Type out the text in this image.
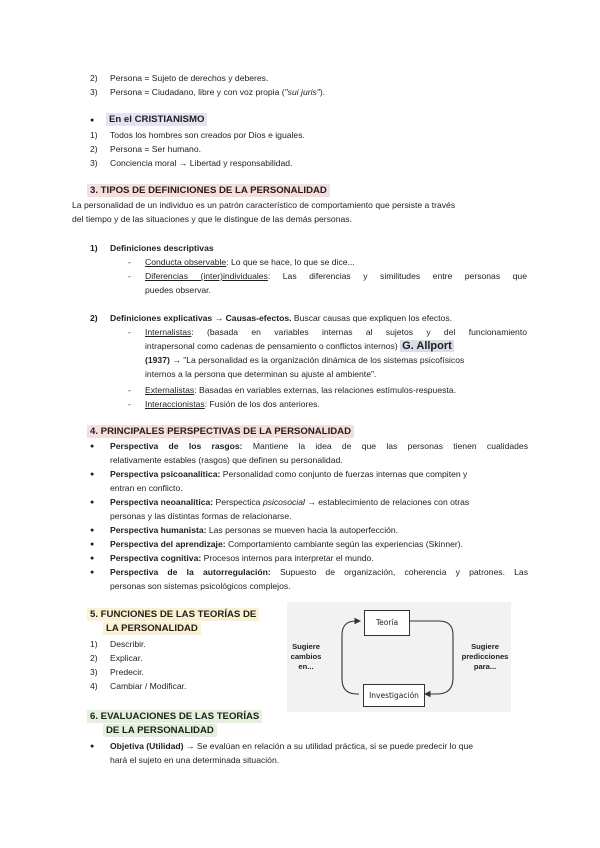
2) Persona = Sujeto de derechos y deberes.
3) Persona = Ciudadano, libre y con voz propia ("sui juris").
●	En el CRISTIANISMO
1) Todos los hombres son creados por Dios e iguales.
2) Persona = Ser humano.
3) Conciencia moral → Libertad y responsabilidad.
3. TIPOS DE DEFINICIONES DE LA PERSONALIDAD
La personalidad de un individuo es un patrón característico de comportamiento que persiste a través
del tiempo y de las situaciones y que le distingue de las demás personas.
1) Definiciones descriptivas
- Conducta observable: Lo que se hace, lo que se dice...
- Diferencias (inter)individuales: Las diferencias y similitudes entre personas que
puedes observar.
2) Definiciones explicativas → Causas-efectos. Buscar causas que expliquen los efectos.
- Internalistas: (basada en variables internas al sujetos y del funcionamiento
intrapersonal como cadenas de pensamiento o conflictos internos) G. Allport
(1937) → "La personalidad es la organización dinámica de los sistemas psicofísicos
internos a la persona que determinan su ajuste al ambiente".
- Externalistas: Basadas en variables externas, las relaciones estímulos-respuesta.
- Interaccionistas: Fusión de los dos anteriores.
4. PRINCIPALES PERSPECTIVAS DE LA PERSONALIDAD
● Perspectiva de los rasgos: Mantiene la idea de que las personas tienen cualidades
relativamente estables (rasgos) que definen su personalidad.
● Perspectiva psicoanalítica: Personalidad como conjunto de fuerzas internas que compiten y
entran en conflicto.
● Perspectiva neoanalítica: Perspectica psicosocial → establecimiento de relaciones con otras
personas y las distintas formas de relacionarse.
● Perspectiva humanista: Las personas se mueven hacia la autoperfección.
● Perspectiva del aprendizaje: Comportamiento cambiante según las experiencias (Skinner).
● Perspectiva cognitiva: Procesos internos para interpretar el mundo.
● Perspectiva de la autorregulación: Supuesto de organización, coherencia y patrones. Las
personas son sistemas psicológicos complejos.
5. FUNCIONES DE LAS TEORÍAS DE
LA PERSONALIDAD
1) Describir.
2) Explicar.
3) Predecir.
4) Cambiar / Modificar.
Teoría
Investigación
Sugiere
cambios
en...
Sugiere
predicciones
para...
6. EVALUACIONES DE LAS TEORÍAS
DE LA PERSONALIDAD
● Objetiva (Utilidad) → Se evalúan en relación a su utilidad práctica, si se puede predecir lo que
hará el sujeto en una determinada situación.
